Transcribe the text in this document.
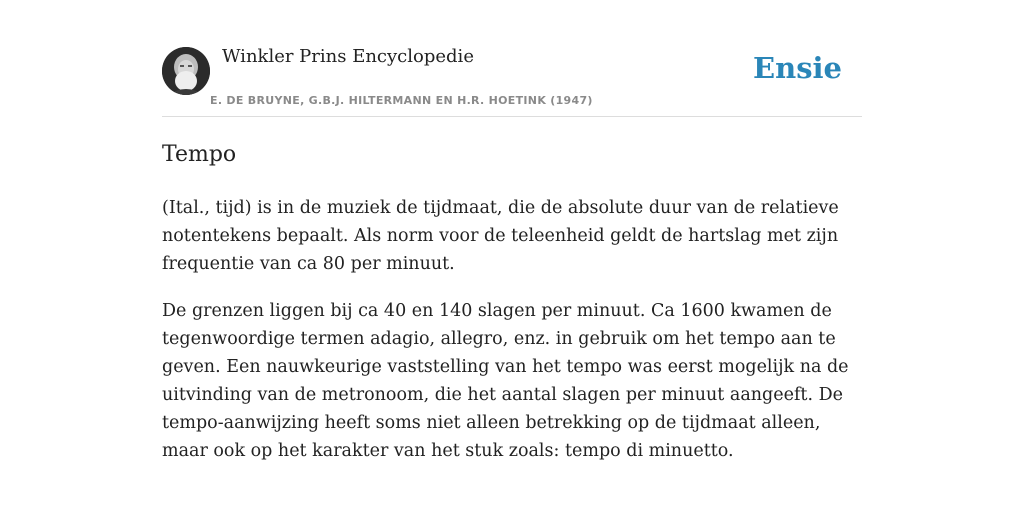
Winkler Prins Encyclopedie
E. DE BRUYNE, G.B.J. HILTERMANN EN H.R. HOETINK (1947)
Ensie
Tempo

(Ital., tijd) is in de muziek de tijdmaat, die de absolute duur van de relatieve notentekens bepaalt. Als norm voor de teleenheid geldt de hartslag met zijn frequentie van ca 80 per minuut.

De grenzen liggen bij ca 40 en 140 slagen per minuut. Ca 1600 kwamen de tegenwoordige termen adagio, allegro, enz. in gebruik om het tempo aan te geven. Een nauwkeurige vaststelling van het tempo was eerst mogelijk na de uitvinding van de metronoom, die het aantal slagen per minuut aangeeft. De tempo-aanwijzing heeft soms niet alleen betrekking op de tijdmaat alleen, maar ook op het karakter van het stuk zoals: tempo di minuetto.
